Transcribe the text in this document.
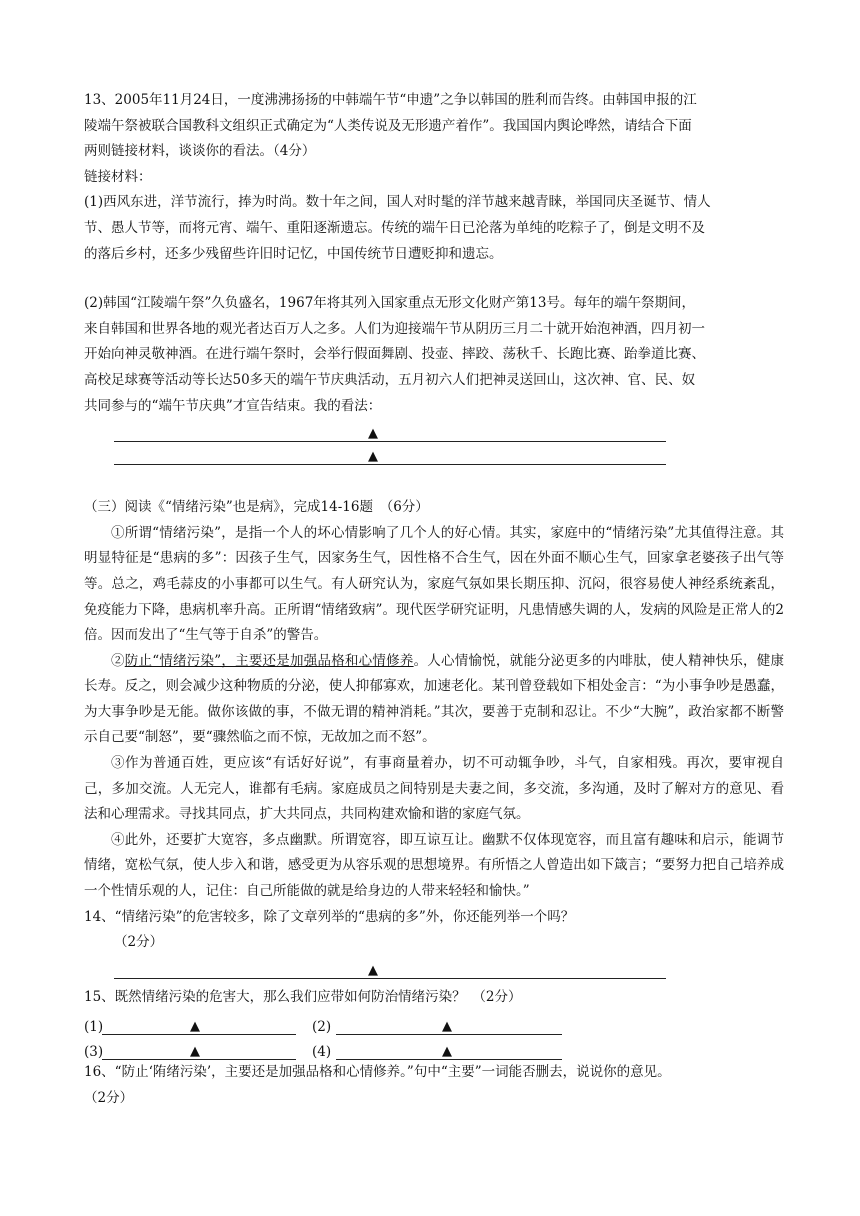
13、2005年11月24日，一度沸沸扬扬的中韩端午节“申遗”之争以韩国的胜利而告终。由韩国申报的江

陵端午祭被联合国教科文组织正式确定为“人类传说及无形遗产着作”。我国国内舆论哗然，请结合下面

两则链接材料，谈谈你的看法。（4分）

链接材料：

(1)西风东进，洋节流行，捧为时尚。数十年之间，国人对时髦的洋节越来越青睐，举国同庆圣诞节、情人

节、愚人节等，而将元宵、端午、重阳逐渐遗忘。传统的端午日已沦落为单纯的吃粽子了，倒是文明不及

的落后乡村，还多少残留些许旧时记忆，中国传统节日遭贬抑和遗忘。

(2)韩国“江陵端午祭”久负盛名，1967年将其列入国家重点无形文化财产第13号。每年的端午祭期间，

来自韩国和世界各地的观光者达百万人之多。人们为迎接端午节从阴历三月二十就开始泡神酒，四月初一

开始向神灵敬神酒。在进行端午祭时，会举行假面舞剧、投壶、摔跤、荡秋千、长跑比赛、跆拳道比赛、

高校足球赛等活动等长达50多天的端午节庆典活动，五月初六人们把神灵送回山，这次神、官、民、奴

共同参与的“端午节庆典”才宣告结束。我的看法：

▲
▲

（三）阅读《“情绪污染”也是病》，完成14-16题　（6分）

①所谓“情绪污染”，是指一个人的坏心情影响了几个人的好心情。其实，家庭中的“情绪污染”尤其值得注意。其明显特征是“患病的多”：因孩子生气，因家务生气，因性格不合生气，因在外面不顺心生气，回家拿老婆孩子出气等等。总之，鸡毛蒜皮的小事都可以生气。有人研究认为，家庭气氛如果长期压抑、沉闷，很容易使人神经系统紊乱，免疫能力下降，患病机率升高。正所谓“情绪致病”。现代医学研究证明，凡患情感失调的人，发病的风险是正常人的2倍。因而发出了“生气等于自杀”的警告。

②防止“情绪污染”，主要还是加强品格和心情修养。人心情愉悦，就能分泌更多的内啡肽，使人精神快乐，健康长寿。反之，则会减少这种物质的分泌，使人抑郁寡欢，加速老化。某刊曾登载如下相处金言：“为小事争吵是愚蠢，为大事争吵是无能。做你该做的事，不做无谓的精神消耗。”其次，要善于克制和忍让。不少“大腕”，政治家都不断警示自己要“制怒”，要“骤然临之而不惊，无故加之而不怒”。

③作为普通百姓，更应该“有话好好说”，有事商量着办，切不可动辄争吵，斗气，自家相残。再次，要审视自己，多加交流。人无完人，谁都有毛病。家庭成员之间特别是夫妻之间，多交流，多沟通，及时了解对方的意见、看法和心理需求。寻找其同点，扩大共同点，共同构建欢愉和谐的家庭气氛。

④此外，还要扩大宽容，多点幽默。所谓宽容，即互谅互让。幽默不仅体现宽容，而且富有趣味和启示，能调节情绪，宽松气氛，使人步入和谐，感受更为从容乐观的思想境界。有所悟之人曾造出如下箴言；“要努力把自己培养成一个性情乐观的人，记住：自己所能做的就是给身边的人带来轻轻和愉快。”

14、“情绪污染”的危害较多，除了文章列举的“患病的多”外，你还能列举一个吗？

（2分）

▲

15、既然情绪污染的危害大，那么我们应带如何防治情绪污染？　（2分）

(1)	▲	(2)	▲
(3)	▲	(4)	▲

16、“防止‘陏绪污染’，主要还是加强品格和心情修养。”句中“主要”一词能否删去，说说你的意见。

（2分）
